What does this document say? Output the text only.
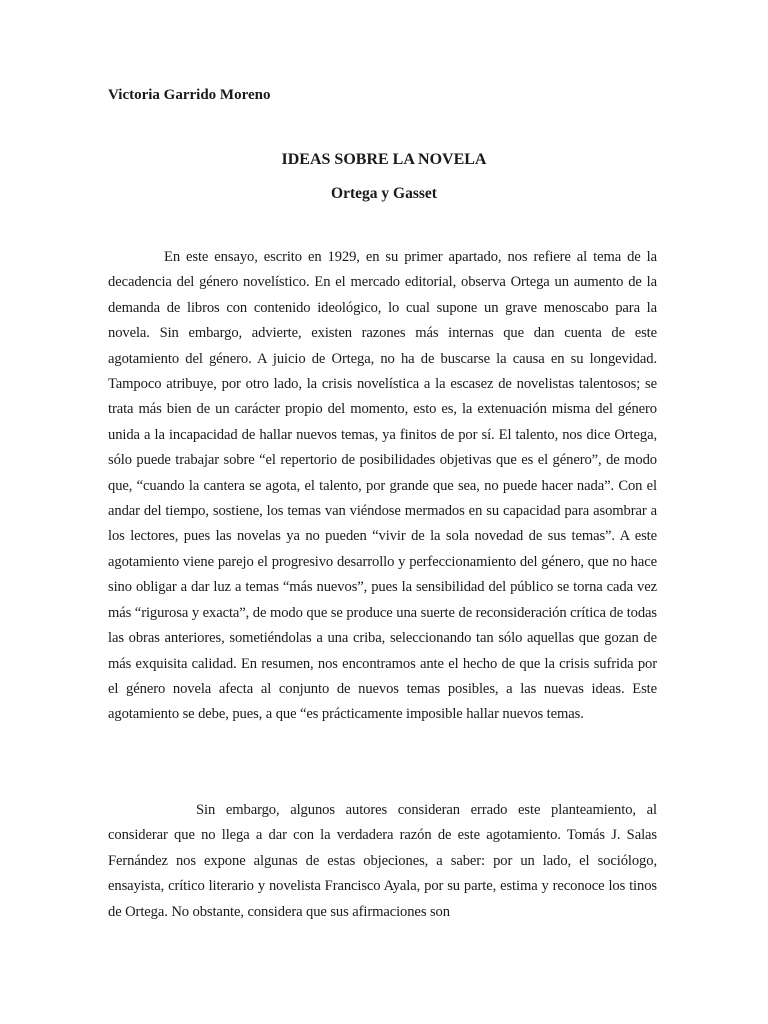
Victoria Garrido Moreno

IDEAS SOBRE LA NOVELA
Ortega y Gasset

En este ensayo, escrito en 1929, en su primer apartado, nos refiere al tema de la decadencia del género novelístico. En el mercado editorial, observa Ortega un aumento de la demanda de libros con contenido ideológico, lo cual supone un grave menoscabo para la novela. Sin embargo, advierte, existen razones más internas que dan cuenta de este agotamiento del género. A juicio de Ortega, no ha de buscarse la causa en su longevidad. Tampoco atribuye, por otro lado, la crisis novelística a la escasez de novelistas talentosos; se trata más bien de un carácter propio del momento, esto es, la extenuación misma del género unida a la incapacidad de hallar nuevos temas, ya finitos de por sí. El talento, nos dice Ortega, sólo puede trabajar sobre “el repertorio de posibilidades objetivas que es el género”, de modo que, “cuando la cantera se agota, el talento, por grande que sea, no puede hacer nada”. Con el andar del tiempo, sostiene, los temas van viéndose mermados en su capacidad para asombrar a los lectores, pues las novelas ya no pueden “vivir de la sola novedad de sus temas”. A este agotamiento viene parejo el progresivo desarrollo y perfeccionamiento del género, que no hace sino obligar a dar luz a temas “más nuevos”, pues la sensibilidad del público se torna cada vez más “rigurosa y exacta”, de modo que se produce una suerte de reconsideración crítica de todas las obras anteriores, sometiéndolas a una criba, seleccionando tan sólo aquellas que gozan de más exquisita calidad. En resumen, nos encontramos ante el hecho de que la crisis sufrida por el género novela afecta al conjunto de nuevos temas posibles, a las nuevas ideas. Este agotamiento se debe, pues, a que “es prácticamente imposible hallar nuevos temas.

Sin embargo, algunos autores consideran errado este planteamiento, al considerar que no llega a dar con la verdadera razón de este agotamiento. Tomás J. Salas Fernández nos expone algunas de estas objeciones, a saber: por un lado, el sociólogo, ensayista, crítico literario y novelista Francisco Ayala, por su parte, estima y reconoce los tinos de Ortega. No obstante, considera que sus afirmaciones son
